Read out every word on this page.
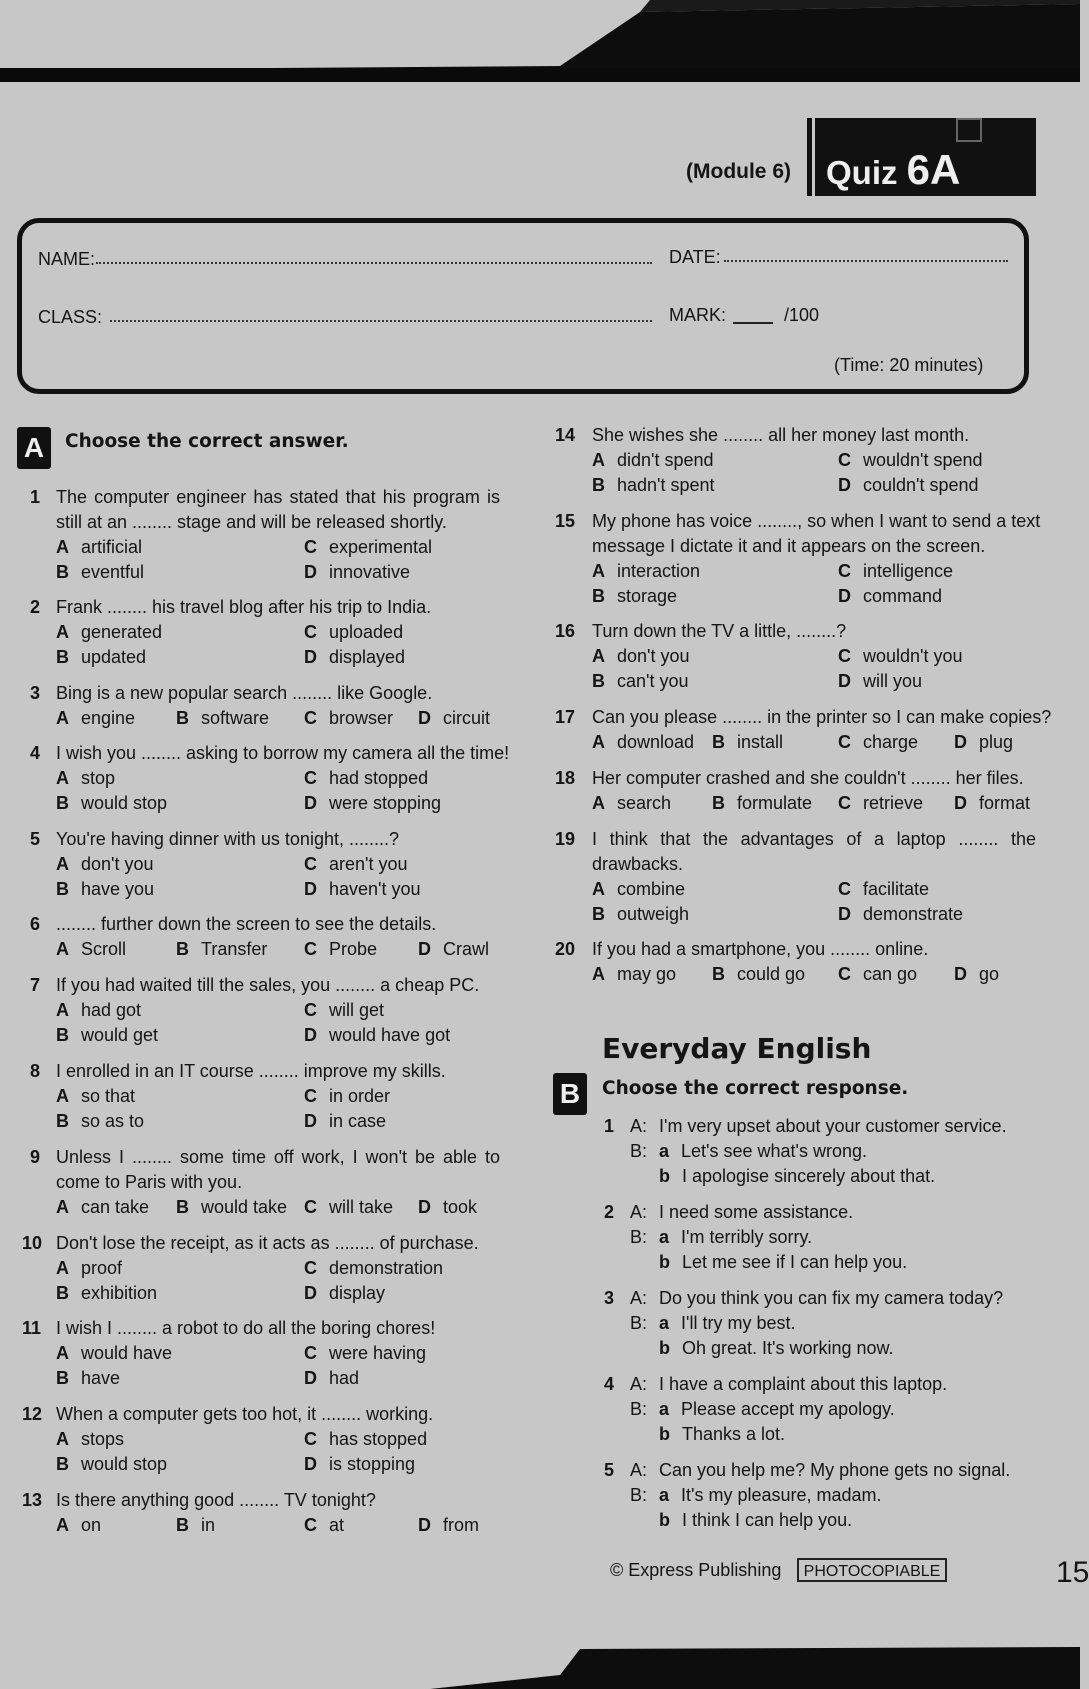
(Module 6) Quiz 6A
NAME:	DATE:
CLASS:	MARK:	/100
(Time: 20 minutes)
A	Choose the correct answer.
1 The computer engineer has stated that his program is
still at an ........ stage and will be released shortly.
A artificial	C experimental
B eventful	D innovative
2 Frank ........ his travel blog after his trip to India.
A generated	C uploaded
B updated	D displayed
3 Bing is a new popular search ........ like Google.
A engine B software C browser D circuit
4 I wish you ........ asking to borrow my camera all the time!
A stop	C had stopped
B would stop	D were stopping
5 You're having dinner with us tonight, ........?
A don't you	C aren't you
B have you	D haven't you
6 ........ further down the screen to see the details.
A Scroll	B Transfer C Probe D Crawl
7 If you had waited till the sales, you ........ a cheap PC.
A had got	C will get
B would get	D would have got
8 I enrolled in an IT course ........ improve my skills.
A so that	C in order
B so as to	D in case
9 Unless I ........ some time off work, I won't be able to
come to Paris with you.
A can take B would take C will take D took
10 Don't lose the receipt, as it acts as ........ of purchase.
A proof	C demonstration
B exhibition	D display
11 I wish I ........ a robot to do all the boring chores!
A would have	C were having
B have	D had
12 When a computer gets too hot, it ........ working.
A stops	C has stopped
B would stop	D is stopping
13 Is there anything good ........ TV tonight?
A on	B in	C at	D from
14 She wishes she ........ all her money last month.
A didn't spend	C wouldn't spend
B hadn't spent	D couldn't spend
15 My phone has voice ........, so when I want to send a text
message I dictate it and it appears on the screen.
A interaction	C intelligence
B storage	D command
16 Turn down the TV a little, ........?
A don't you	C wouldn't you
B can't you	D will you
17 Can you please ........ in the printer so I can make copies?
A download B install	C charge D plug
18 Her computer crashed and she couldn't ........ her files.
A search B formulate C retrieve D format
19 I think that the advantages of a laptop ........ the
drawbacks.
A combine	C facilitate
B outweigh	D demonstrate
20 If you had a smartphone, you ........ online.
A may go B could go C can go D go
Everyday English
B	Choose the correct response.
1 A: I'm very upset about your customer service.
B: a Let's see what's wrong.
b I apologise sincerely about that.
2 A: I need some assistance.
B: a I'm terribly sorry.
b Let me see if I can help you.
3 A: Do you think you can fix my camera today?
B: a I'll try my best.
b Oh great. It's working now.
4 A: I have a complaint about this laptop.
B: a Please accept my apology.
b Thanks a lot.
5 A: Can you help me? My phone gets no signal.
B: a It's my pleasure, madam.
b I think I can help you.
© Express Publishing	PHOTOCOPIABLE	15
